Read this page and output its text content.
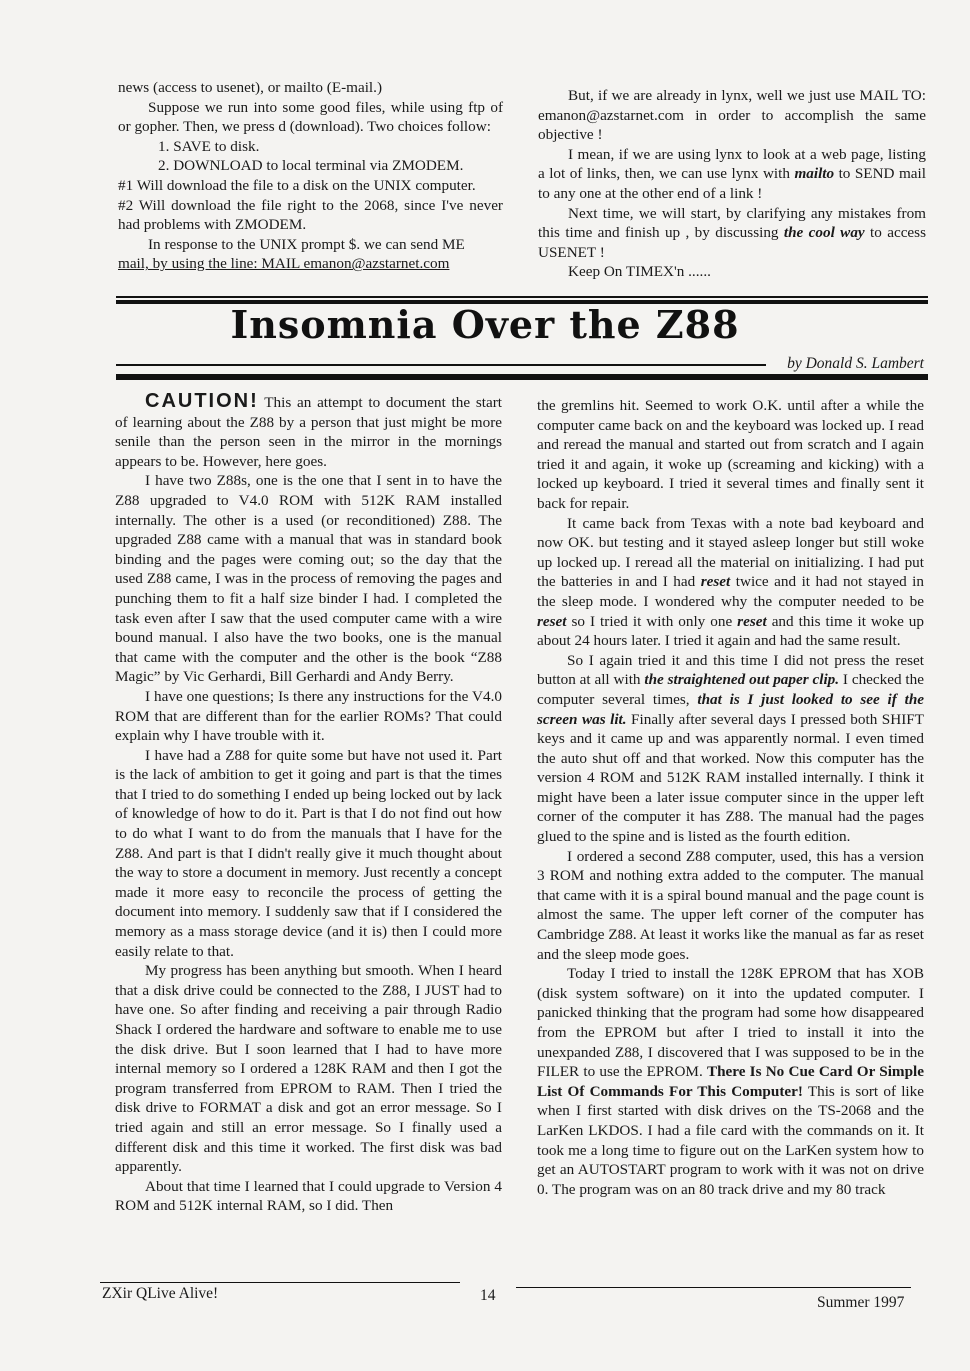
news (access to usenet), or mailto (E-mail.)

Suppose we run into some good files, while using ftp of or gopher. Then, we press d (download). Two choices follow:

1. SAVE to disk.

2. DOWNLOAD to local terminal via ZMODEM.

#1 Will download the file to a disk on the UNIX computer.

#2 Will download the file right to the 2068, since I've never had problems with ZMODEM.

In response to the UNIX prompt $. we can send ME

mail, by using the line: MAIL emanon@azstarnet.com

But, if we are already in lynx, well we just use MAIL TO: emanon@azstarnet.com in order to accomplish the same objective !

I mean, if we are using lynx to look at a web page, listing a lot of links, then, we can use lynx with mailto to SEND mail to any one at the other end of a link !

Next time, we will start, by clarifying any mistakes from this time and finish up , by discussing the cool way to access USENET !

Keep On TIMEX'n ......

Insomnia Over the Z88
by Donald S. Lambert

CAUTION! This an attempt to document the start of learning about the Z88 by a person that just might be more senile than the person seen in the mirror in the mornings appears to be. However, here goes.

I have two Z88s, one is the one that I sent in to have the Z88 upgraded to V4.0 ROM with 512K RAM installed internally. The other is a used (or reconditioned) Z88. The upgraded Z88 came with a manual that was in standard book binding and the pages were coming out; so the day that the used Z88 came, I was in the process of removing the pages and punching them to fit a half size binder I had. I completed the task even after I saw that the used computer came with a wire bound manual. I also have the two books, one is the manual that came with the computer and the other is the book “Z88 Magic” by Vic Gerhardi, Bill Gerhardi and Andy Berry.

I have one questions; Is there any instructions for the V4.0 ROM that are different than for the earlier ROMs? That could explain why I have trouble with it.

I have had a Z88 for quite some but have not used it. Part is the lack of ambition to get it going and part is that the times that I tried to do something I ended up being locked out by lack of knowledge of how to do it. Part is that I do not find out how to do what I want to do from the manuals that I have for the Z88. And part is that I didn't really give it much thought about the way to store a document in memory. Just recently a concept made it more easy to reconcile the process of getting the document into memory. I suddenly saw that if I considered the memory as a mass storage device (and it is) then I could more easily relate to that.

My progress has been anything but smooth. When I heard that a disk drive could be connected to the Z88, I JUST had to have one. So after finding and receiving a pair through Radio Shack I ordered the hardware and software to enable me to use the disk drive. But I soon learned that I had to have more internal memory so I ordered a 128K RAM and then I got the program transferred from EPROM to RAM. Then I tried the disk drive to FORMAT a disk and got an error message. So I tried again and still an error message. So I finally used a different disk and this time it worked. The first disk was bad apparently.

About that time I learned that I could upgrade to Version 4 ROM and 512K internal RAM, so I did. Then

the gremlins hit. Seemed to work O.K. until after a while the computer came back on and the keyboard was locked up. I read and reread the manual and started out from scratch and I again tried it and again, it woke up (screaming and kicking) with a locked up keyboard. I tried it several times and finally sent it back for repair.

It came back from Texas with a note bad keyboard and now OK. but testing and it stayed asleep longer but still woke up locked up. I reread all the material on initializing. I had put the batteries in and I had reset twice and it had not stayed in the sleep mode. I wondered why the computer needed to be reset so I tried it with only one reset and this time it woke up about 24 hours later. I tried it again and had the same result.

So I again tried it and this time I did not press the reset button at all with the straightened out paper clip. I checked the computer several times, that is I just looked to see if the screen was lit. Finally after several days I pressed both SHIFT keys and it came up and was apparently normal. I even timed the auto shut off and that worked. Now this computer has the version 4 ROM and 512K RAM installed internally. I think it might have been a later issue computer since in the upper left corner of the computer it has Z88. The manual had the pages glued to the spine and is listed as the fourth edition.

I ordered a second Z88 computer, used, this has a version 3 ROM and nothing extra added to the computer. The manual that came with it is a spiral bound manual and the page count is almost the same. The upper left corner of the computer has Cambridge Z88. At least it works like the manual as far as reset and the sleep mode goes.

Today I tried to install the 128K EPROM that has XOB (disk system software) on it into the updated computer. I panicked thinking that the program had some how disappeared from the EPROM but after I tried to install it into the unexpanded Z88, I discovered that I was supposed to be in the FILER to use the EPROM. There Is No Cue Card Or Simple List Of Commands For This Computer! This is sort of like when I first started with disk drives on the TS-2068 and the LarKen LKDOS. I had a file card with the commands on it. It took me a long time to figure out on the LarKen system how to get an AUTOSTART program to work with it was not on drive 0. The program was on an 80 track drive and my 80 track

ZXir QLive Alive!	14	Summer 1997
